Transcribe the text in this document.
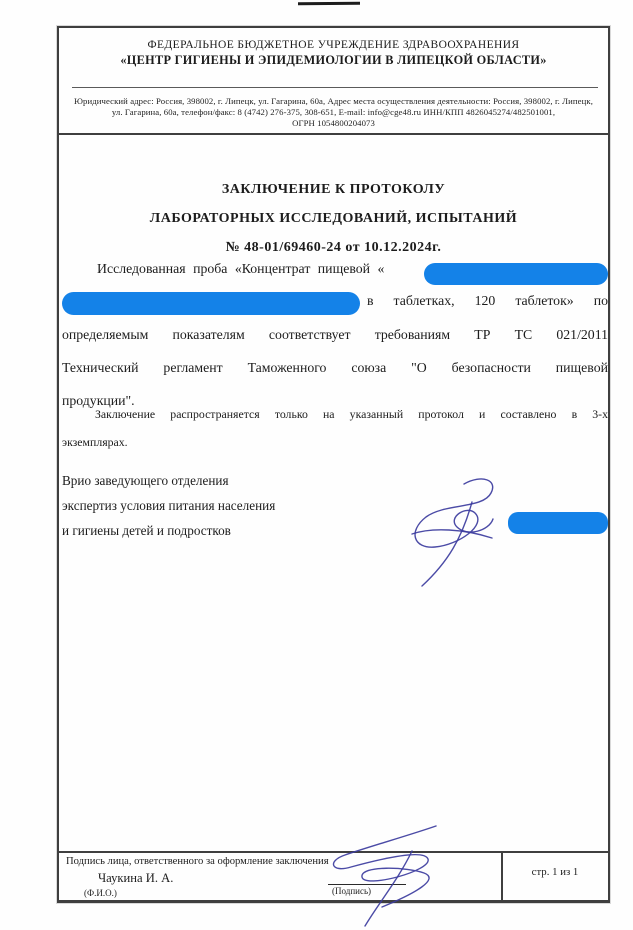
ФЕДЕРАЛЬНОЕ БЮДЖЕТНОЕ УЧРЕЖДЕНИЕ ЗДРАВООХРАНЕНИЯ
«ЦЕНТР ГИГИЕНЫ И ЭПИДЕМИОЛОГИИ В ЛИПЕЦКОЙ ОБЛАСТИ»
Юридический адрес: Россия, 398002, г. Липецк, ул. Гагарина, 60а, Адрес места осуществления деятельности: Россия, 398002, г. Липецк,
ул. Гагарина, 60а, телефон/факс: 8 (4742) 276-375, 308-651, E-mail: info@cge48.ru ИНН/КПП 4826045274/482501001,
ОГРН 1054800204073
ЗАКЛЮЧЕНИЕ К ПРОТОКОЛУ
ЛАБОРАТОРНЫХ ИССЛЕДОВАНИЙ, ИСПЫТАНИЙ
№ 48-01/69460-24 от 10.12.2024г.
Исследованная проба «Концентрат пищевой «
в таблетках, 120 таблеток» по
определяемым показателям соответствует требованиям ТР ТС 021/2011
Технический регламент Таможенного союза "О безопасности пищевой
продукции".
Заключение распространяется только на указанный протокол и составлено в 3-х
экземплярах.
Врио заведующего отделения
экспертиз условия питания населения
и гигиены детей и подростков
Подпись лица, ответственного за оформление заключения
Чаукина И. А.
(Ф.И.О.)	(Подпись)
стр. 1 из 1
